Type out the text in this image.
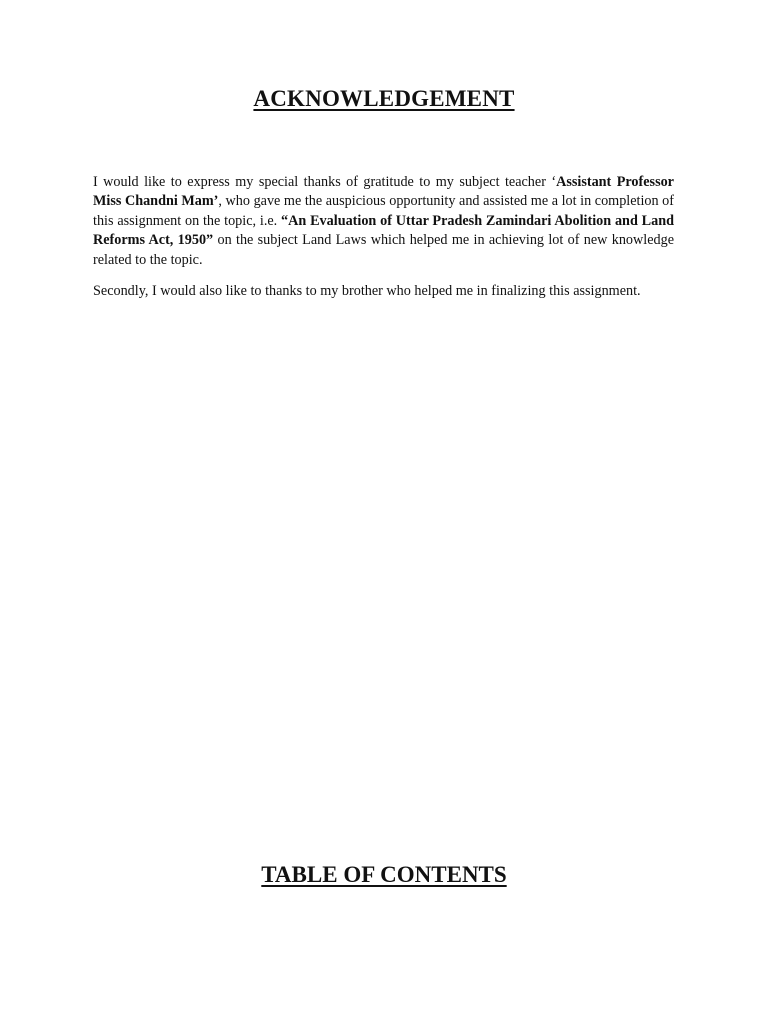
ACKNOWLEDGEMENT

I would like to express my special thanks of gratitude to my subject teacher ‘Assistant Professor Miss Chandni Mam’, who gave me the auspicious opportunity and assisted me a lot in completion of this assignment on the topic, i.e. “An Evaluation of Uttar Pradesh Zamindari Abolition and Land Reforms Act, 1950” on the subject Land Laws which helped me in achieving lot of new knowledge related to the topic.

Secondly, I would also like to thanks to my brother who helped me in finalizing this assignment.

TABLE OF CONTENTS
